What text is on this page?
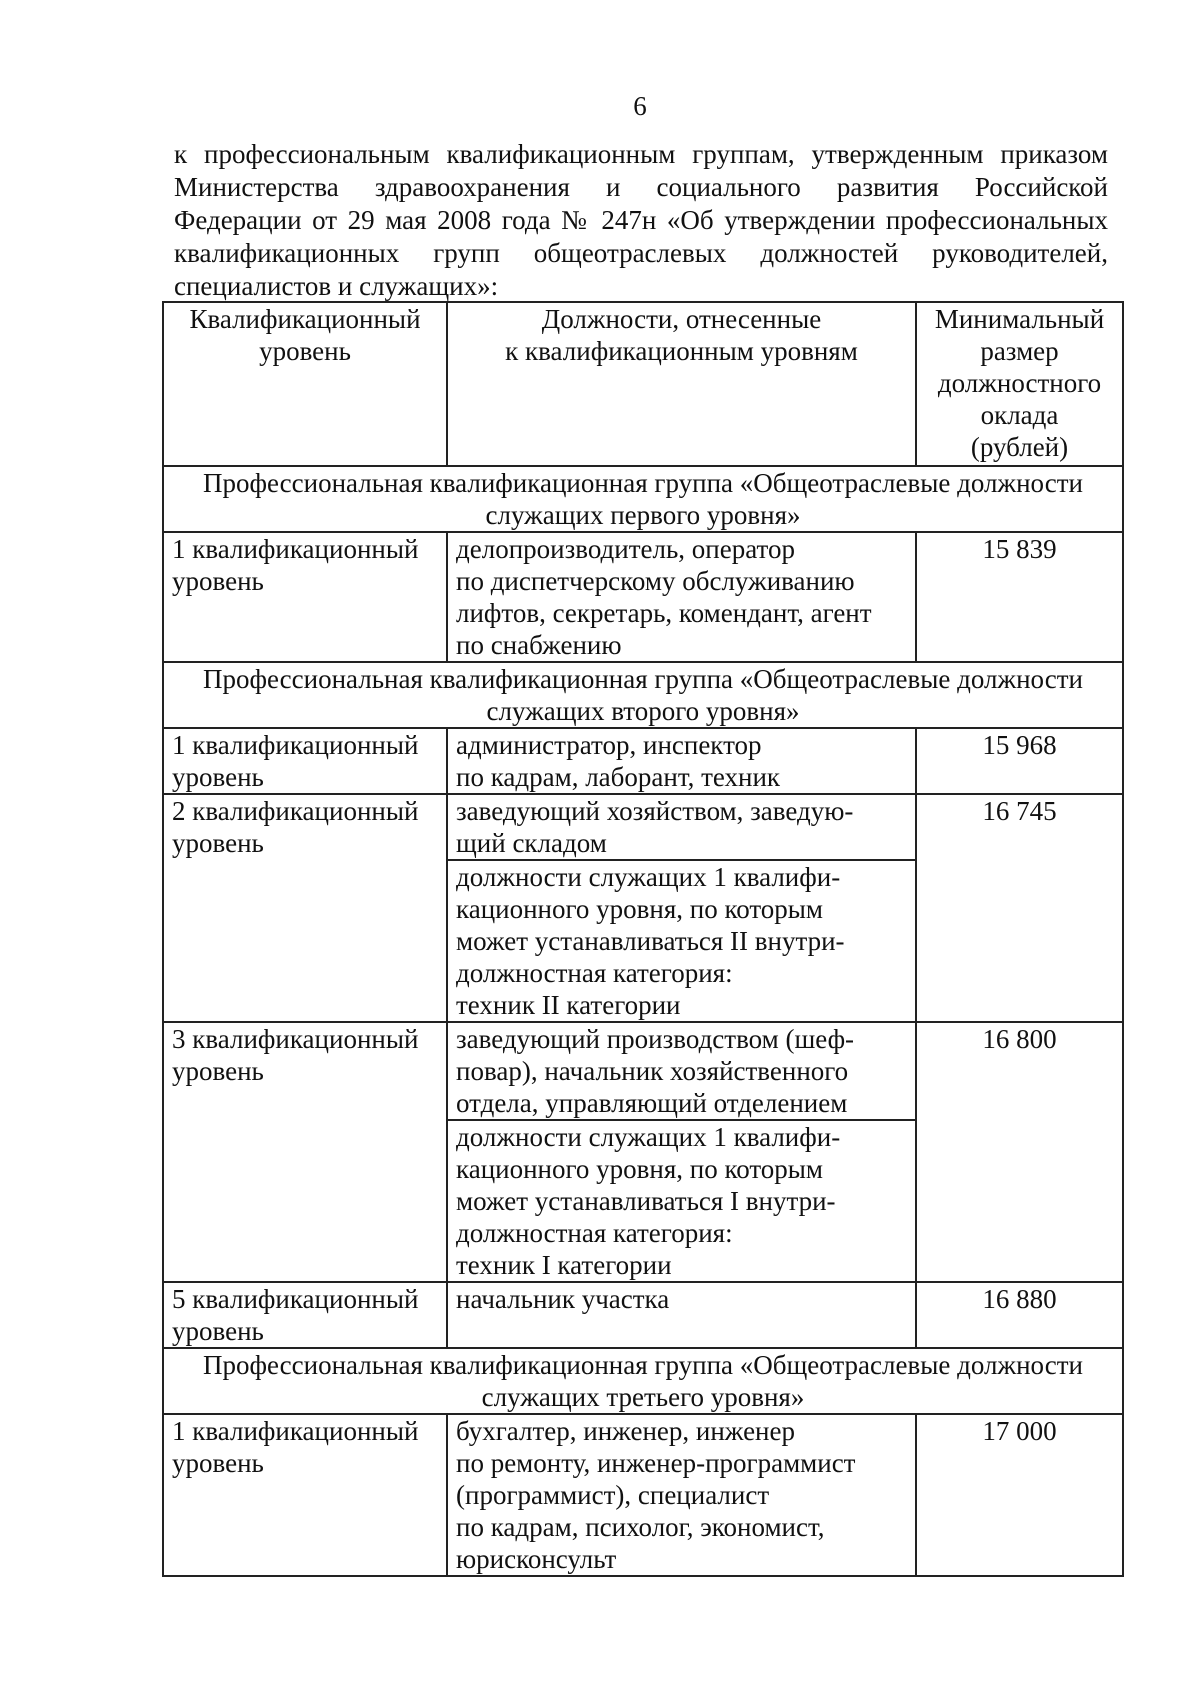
6
к профессиональным квалификационным группам, утвержденным приказом
Министерства здравоохранения и социального развития Российской
Федерации от 29 мая 2008 года № 247н «Об утверждении профессиональных
квалификационных групп общеотраслевых должностей руководителей,
специалистов и служащих»:
Квалификационный
уровень	Должности, отнесенные
к квалификационным уровням	Минимальный
размер
должностного
оклада
(рублей)

Профессиональная квалификационная группа «Общеотраслевые должности
служащих первого уровня»		

1 квалификационный
уровень	делопроизводитель, оператор
по диспетчерскому обслуживанию
лифтов, секретарь, комендант, агент
по снабжению	15 839

Профессиональная квалификационная группа «Общеотраслевые должности
служащих второго уровня»		

1 квалификационный
уровень	администратор, инспектор
по кадрам, лаборант, техник	15 968

2 квалификационный
уровень	заведующий хозяйством, заведую-
щий складом	16 745

	должности служащих 1 квалифи-
кационного уровня, по которым
может устанавливаться II внутри-
должностная категория:
техник II категории	

3 квалификационный
уровень	заведующий производством (шеф-
повар), начальник хозяйственного
отдела, управляющий отделением	16 800

	должности служащих 1 квалифи-
кационного уровня, по которым
может устанавливаться I внутри-
должностная категория:
техник I категории	

5 квалификационный
уровень	начальник участка	16 880

Профессиональная квалификационная группа «Общеотраслевые должности
служащих третьего уровня»		

1 квалификационный
уровень	бухгалтер, инженер, инженер
по ремонту, инженер-программист
(программист), специалист
по кадрам, психолог, экономист,
юрисконсульт	17 000
